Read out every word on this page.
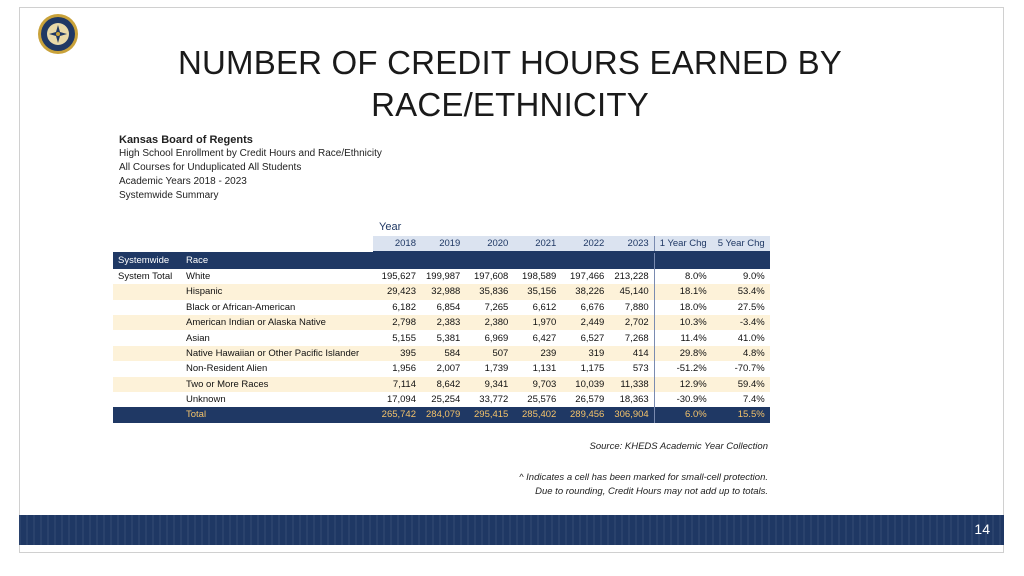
NUMBER OF CREDIT HOURS EARNED BY
RACE/ETHNICITY
Kansas Board of Regents
High School Enrollment by Credit Hours and Race/Ethnicity
All Courses for Unduplicated All Students
Academic Years 2018 - 2023
Systemwide Summary
Year
		2018	2019	2020	2021	2022	2023	1 Year Chg	5 Year Chg
Systemwide	Race								
System Total	White	195,627	199,987	197,608	198,589	197,466	213,228	8.0%	9.0%
	Hispanic	29,423	32,988	35,836	35,156	38,226	45,140	18.1%	53.4%
	Black or African-American	6,182	6,854	7,265	6,612	6,676	7,880	18.0%	27.5%
	American Indian or Alaska Native	2,798	2,383	2,380	1,970	2,449	2,702	10.3%	-3.4%
	Asian	5,155	5,381	6,969	6,427	6,527	7,268	11.4%	41.0%
	Native Hawaiian or Other Pacific Islander	395	584	507	239	319	414	29.8%	4.8%
	Non-Resident Alien	1,956	2,007	1,739	1,131	1,175	573	-51.2%	-70.7%
	Two or More Races	7,114	8,642	9,341	9,703	10,039	11,338	12.9%	59.4%
	Unknown	17,094	25,254	33,772	25,576	26,579	18,363	-30.9%	7.4%
	Total	265,742	284,079	295,415	285,402	289,456	306,904	6.0%	15.5%
Source: KHEDS Academic Year Collection
^ Indicates a cell has been marked for small-cell protection.
Due to rounding, Credit Hours may not add up to totals.
14
